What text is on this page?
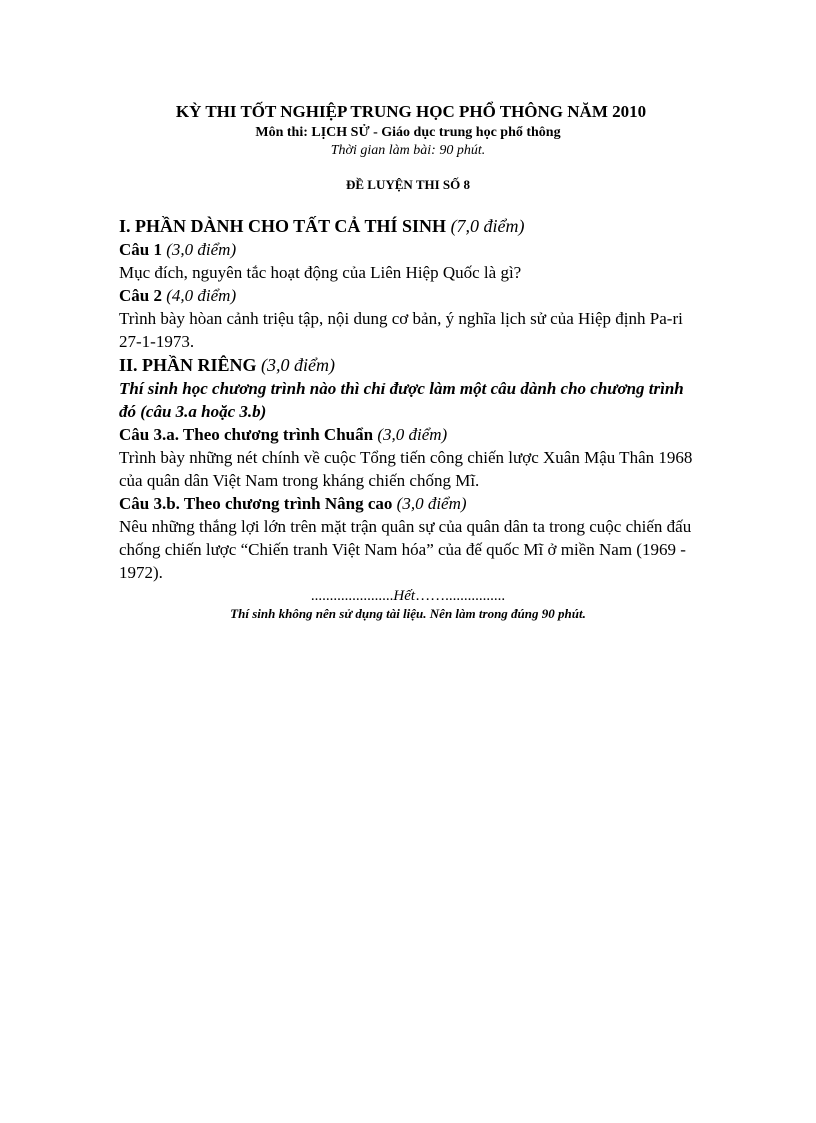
KỲ THI TỐT NGHIỆP TRUNG HỌC PHỔ THÔNG NĂM 2010

Môn thi: LỊCH SỬ - Giáo dục trung học phổ thông

Thời gian làm bài: 90 phút.

ĐỀ LUYỆN THI SỐ 8

I. PHẦN DÀNH CHO TẤT CẢ THÍ SINH (7,0 điểm)

Câu 1 (3,0 điểm)

Mục đích, nguyên tắc hoạt động của Liên Hiệp Quốc là gì?

Câu 2 (4,0 điểm)

Trình bày hòan cảnh triệu tập, nội dung cơ bản, ý nghĩa lịch sử của Hiệp định Pa-ri 27-1-1973.

II. PHẦN RIÊNG (3,0 điểm)

Thí sinh học chương trình nào thì chỉ được làm một câu dành cho chương trình đó (câu 3.a hoặc 3.b)

Câu 3.a. Theo chương trình Chuẩn (3,0 điểm)

Trình bày những nét chính về cuộc Tổng tiến công chiến lược Xuân Mậu Thân 1968 của quân dân Việt Nam trong kháng chiến chống Mĩ.

Câu 3.b. Theo chương trình Nâng cao (3,0 điểm)

Nêu những thắng lợi lớn trên mặt trận quân sự của quân dân ta trong cuộc chiến đấu chống chiến lược “Chiến tranh Việt Nam hóa” của đế quốc Mĩ ở miền Nam (1969 - 1972).

......................Hết……................

Thí sinh không nên sử dụng tài liệu. Nên làm trong đúng 90 phút.
